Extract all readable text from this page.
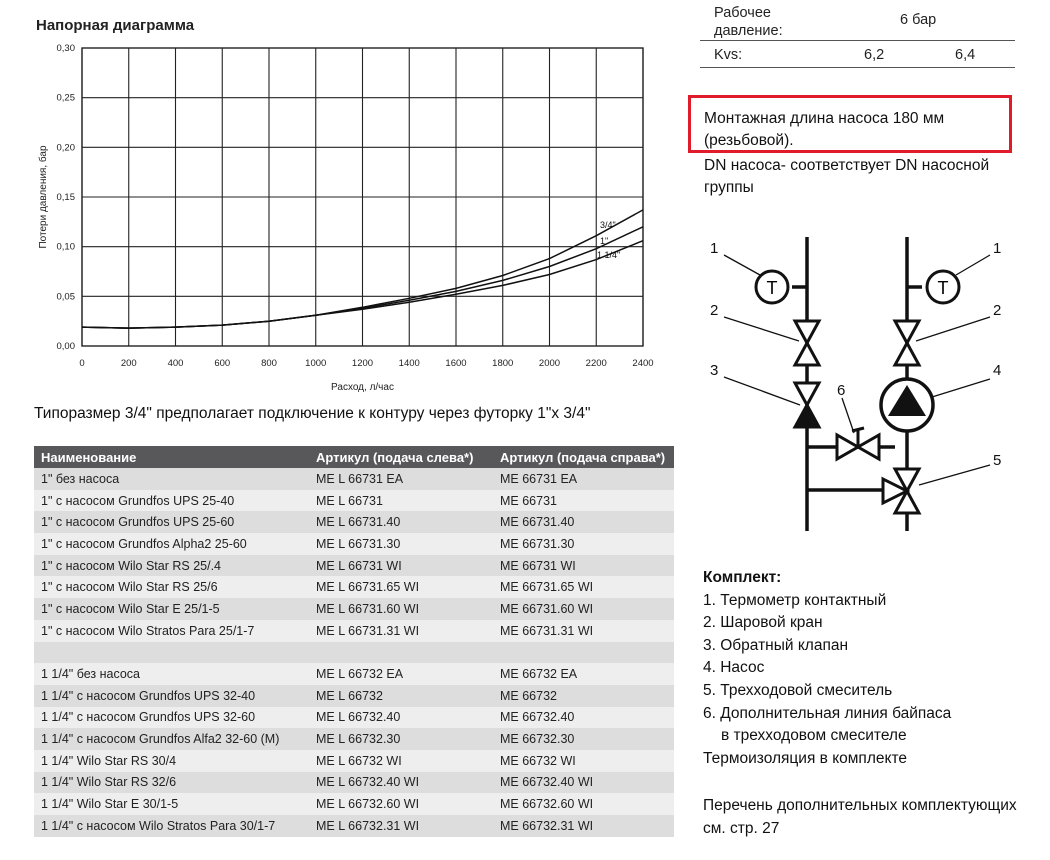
Напорная диаграмма
0	200	400	600	800	1000	1200	1400	1600	1800	2000	2200	2400
0,00
0,05
0,10
0,15
0,20
0,25
0,30
Расход, л/час
Потери давления, бар	3/4"
1"
1 1/4"
Типоразмер 3/4" предполагает подключение к контуру через футорку 1"х 3/4"
Наименование	Артикул (подача слева*)	Артикул (подача справа*)
1" без насоса	ME L 66731 EA	ME 66731 EA
1" с насосом Grundfos UPS 25-40	ME L 66731	ME 66731
1" с насосом Grundfos UPS 25-60	ME L 66731.40	ME 66731.40
1" с насосом Grundfos Alpha2 25-60	ME L 66731.30	ME 66731.30
1" с насосом Wilo Star RS 25/.4	ME L 66731 WI	ME 66731 WI
1" с насосом Wilo Star RS 25/6	ME L 66731.65 WI	ME 66731.65 WI
1" с насосом Wilo Star E 25/1-5	ME L 66731.60 WI	ME 66731.60 WI
1" с насосом Wilo Stratos Para 25/1-7	ME L 66731.31 WI	ME 66731.31 WI

1 1/4" без насоса	ME L 66732 EA	ME 66732 EA
1 1/4" с насосом Grundfos UPS 32-40	ME L 66732	ME 66732
1 1/4" с насосом Grundfos UPS 32-60	ME L 66732.40	ME 66732.40
1 1/4" с насосом Grundfos Alfa2 32-60 (М)	ME L 66732.30	ME 66732.30
1 1/4" Wilo Star RS 30/4	ME L 66732 WI	ME 66732 WI
1 1/4" Wilo Star RS 32/6	ME L 66732.40 WI	ME 66732.40 WI
1 1/4" Wilo Star E 30/1-5	ME L 66732.60 WI	ME 66732.60 WI
1 1/4" с насосом Wilo Stratos Para 30/1-7	ME L 66732.31 WI	ME 66732.31 WI
Рабочее давление:
6 бар
Kvs:	6,2	6,4
Монтажная длина насоса 180 мм (резьбовой).
DN насоса- соответствует DN насосной группы
T	T
1	1
2	2
3	4
6
5
Комплект:
1. Термометр контактный
2. Шаровой кран
3. Обратный клапан
4. Насос
5. Трехходовой смеситель
6. Дополнительная линия байпаса
в трехходовом смесителе
Термоизоляция в комплекте
Перечень дополнительных комплектующих см. стр. 27
